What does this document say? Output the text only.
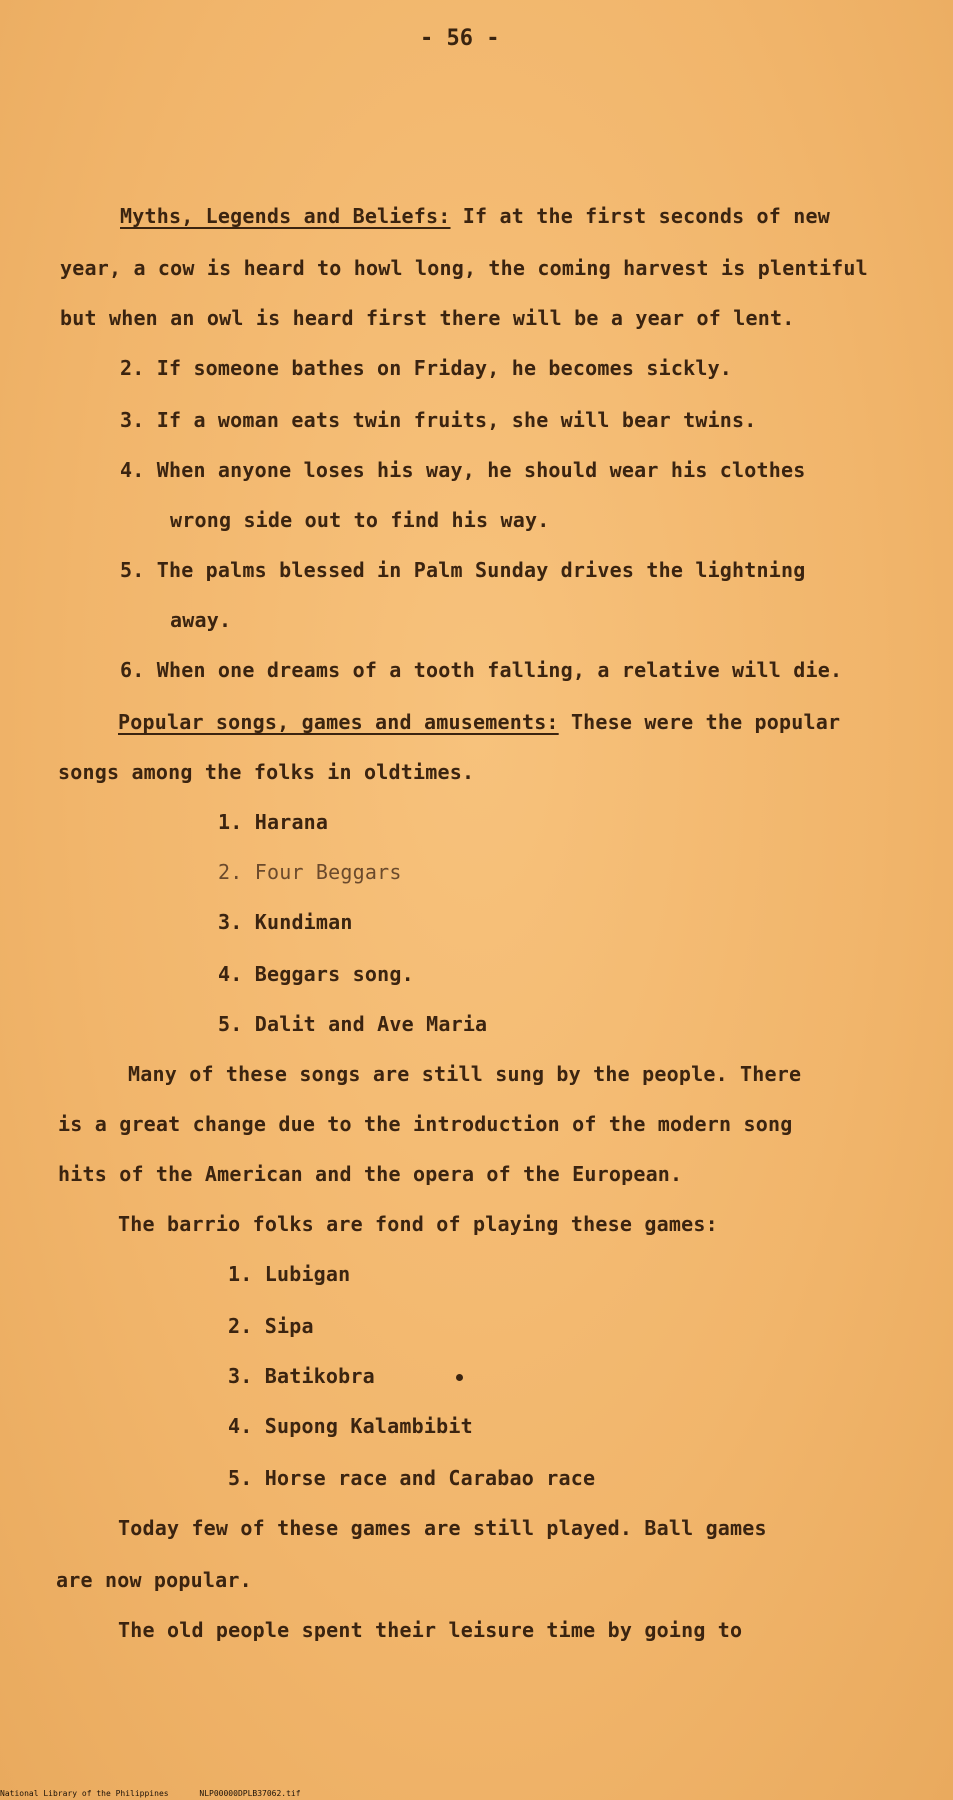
- 56 -
Myths, Legends and Beliefs: If at the first seconds of new
year, a cow is heard to howl long, the coming harvest is plentiful
but when an owl is heard first there will be a year of lent.
2. If someone bathes on Friday, he becomes sickly.
3. If a woman eats twin fruits, she will bear twins.
4. When anyone loses his way, he should wear his clothes
wrong side out to find his way.
5. The palms blessed in Palm Sunday drives the lightning
away.
6. When one dreams of a tooth falling, a relative will die.
Popular songs, games and amusements: These were the popular
songs among the folks in oldtimes.
1. Harana
2. Four Beggars
3. Kundiman
4. Beggars song.
5. Dalit and Ave Maria
Many of these songs are still sung by the people. There
is a great change due to the introduction of the modern song
hits of the American and the opera of the European.
The barrio folks are fond of playing these games:
1. Lubigan
2. Sipa
3. Batikobra
4. Supong Kalambibit
5. Horse race and Carabao race
Today few of these games are still played. Ball games
are now popular.
The old people spent their leisure time by going to
National Library of the Philippines	NLP00000DPLB37062.tif
